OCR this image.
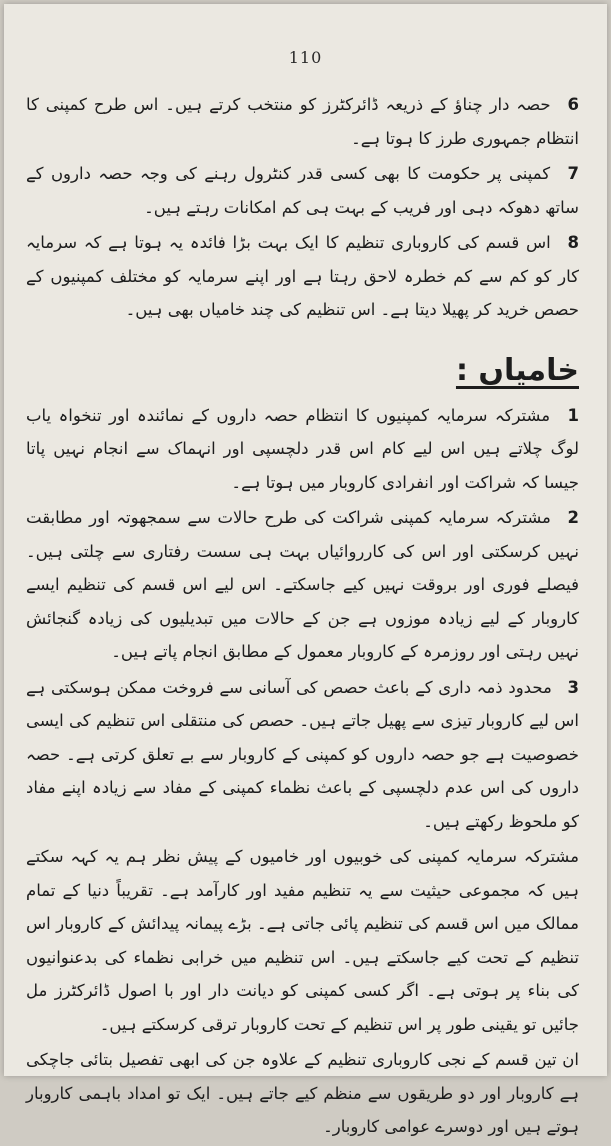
110

6 حصہ دار چناؤ کے ذریعہ ڈائرکٹرز کو منتخب کرتے ہیں۔ اس طرح کمپنی کا انتظام جمہوری طرز کا ہوتا ہے۔

7 کمپنی پر حکومت کا بھی کسی قدر کنٹرول رہنے کی وجہ حصہ داروں کے ساتھ دھوکہ دہی اور فریب کے بہت ہی کم امکانات رہتے ہیں۔

8 اس قسم کی کاروباری تنظیم کا ایک بہت بڑا فائدہ یہ ہوتا ہے کہ سرمایہ کار کو کم سے کم خطرہ لاحق رہتا ہے اور اپنے سرمایہ کو مختلف کمپنیوں کے حصص خرید کر پھیلا دیتا ہے۔ اس تنظیم کی چند خامیاں بھی ہیں۔

خامیاں :

1 مشترکہ سرمایہ کمپنیوں کا انتظام حصہ داروں کے نمائندہ اور تنخواہ یاب لوگ چلاتے ہیں اس لیے کام اس قدر دلچسپی اور انہماک سے انجام نہیں پاتا جیسا کہ شراکت اور انفرادی کاروبار میں ہوتا ہے۔

2 مشترکہ سرمایہ کمپنی شراکت کی طرح حالات سے سمجھوتہ اور مطابقت نہیں کرسکتی اور اس کی کارروائیاں بہت ہی سست رفتاری سے چلتی ہیں۔ فیصلے فوری اور بروقت نہیں کیے جاسکتے۔ اس لیے اس قسم کی تنظیم ایسے کاروبار کے لیے زیادہ موزوں ہے جن کے حالات میں تبدیلیوں کی زیادہ گنجائش نہیں رہتی اور روزمرہ کے کاروبار معمول کے مطابق انجام پاتے ہیں۔

3 محدود ذمہ داری کے باعث حصص کی آسانی سے فروخت ممکن ہوسکتی ہے اس لیے کاروبار تیزی سے پھیل جاتے ہیں۔ حصص کی منتقلی اس تنظیم کی ایسی خصوصیت ہے جو حصہ داروں کو کمپنی کے کاروبار سے بے تعلق کرتی ہے۔ حصہ داروں کی اس عدم دلچسپی کے باعث نظماء کمپنی کے مفاد سے زیادہ اپنے مفاد کو ملحوظ رکھتے ہیں۔

مشترکہ سرمایہ کمپنی کی خوبیوں اور خامیوں کے پیش نظر ہم یہ کہہ سکتے ہیں کہ مجموعی حیثیت سے یہ تنظیم مفید اور کارآمد ہے۔ تقریباً دنیا کے تمام ممالک میں اس قسم کی تنظیم پائی جاتی ہے۔ بڑے پیمانہ پیدائش کے کاروبار اس تنظیم کے تحت کیے جاسکتے ہیں۔ اس تنظیم میں خرابی نظماء کی بدعنوانیوں کی بناء پر ہوتی ہے۔ اگر کسی کمپنی کو دیانت دار اور با اصول ڈائرکٹرز مل جائیں تو یقینی طور پر اس تنظیم کے تحت کاروبار ترقی کرسکتے ہیں۔

ان تین قسم کے نجی کاروباری تنظیم کے علاوہ جن کی ابھی تفصیل بتائی جاچکی ہے کاروبار اور دو طریقوں سے منظم کیے جاتے ہیں۔ ایک تو امداد باہمی کاروبار ہوتے ہیں اور دوسرے عوامی کاروبار۔
